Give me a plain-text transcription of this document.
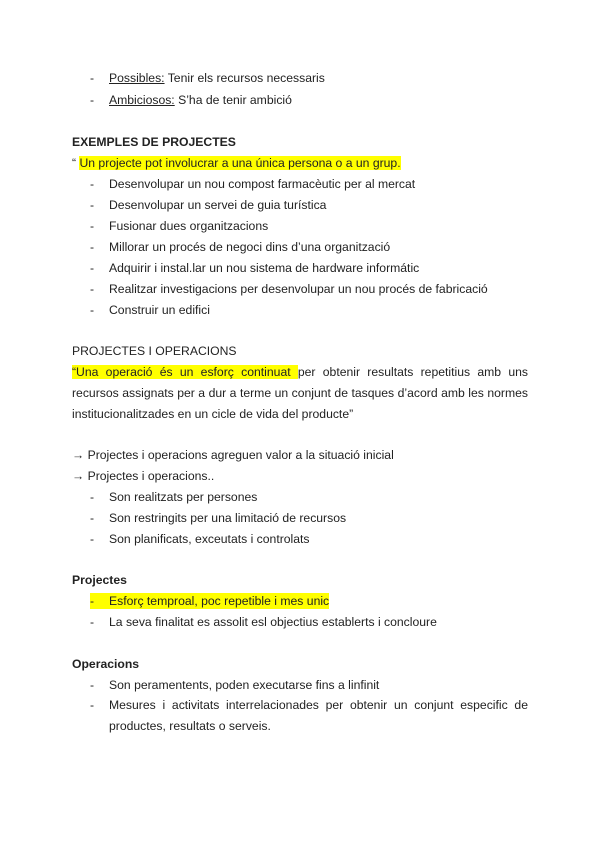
- Possibles: Tenir els recursos necessaris
- Ambiciosos: S’ha de tenir ambició
EXEMPLES DE PROJECTES
“ Un projecte pot involucrar a una única persona o a un grup.
- Desenvolupar un nou compost farmacèutic per al mercat
- Desenvolupar un servei de guia turística
- Fusionar dues organitzacions
- Millorar un procés de negoci dins d’una organització
- Adquirir i instal.lar un nou sistema de hardware informátic
- Realitzar investigacions per desenvolupar un nou procés de fabricació
- Construir un edifici
PROJECTES I OPERACIONS
“Una operació és un esforç continuat per obtenir resultats repetitius amb uns
recursos assignats per a dur a terme un conjunt de tasques d’acord amb les normes
institucionalitzades en un cicle de vida del producte”
→ Projectes i operacions agreguen valor a la situació inicial
→ Projectes i operacions..
- Son realitzats per persones
- Son restringits per una limitació de recursos
- Son planificats, exceutats i controlats
Projectes
- Esforç temproal, poc repetible i mes unic
- La seva finalitat es assolit esl objectius establerts i concloure
Operacions
- Son peramentents, poden executarse fins a linfinit
- Mesures i activitats interrelacionades per obtenir un conjunt especific de
productes, resultats o serveis.
